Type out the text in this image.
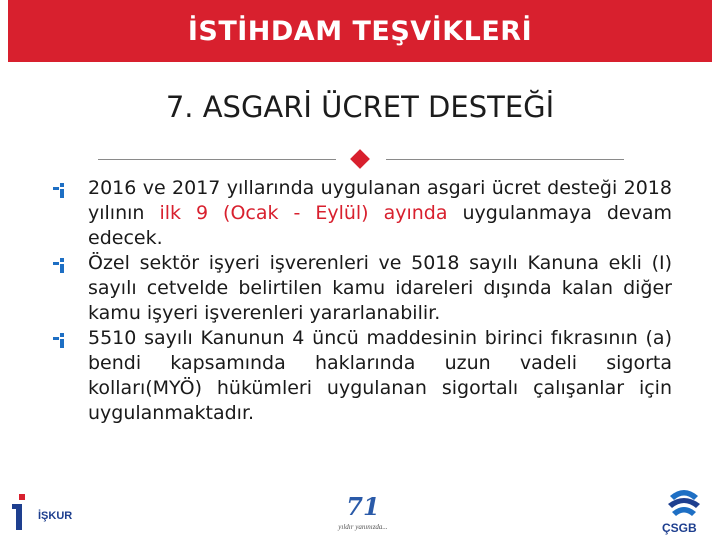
İSTİHDAM TEŞVİKLERİ
7. ASGARİ ÜCRET DESTEĞİ
2016 ve 2017 yıllarında uygulanan asgari ücret desteği 2018 yılının ilk 9 (Ocak - Eylül) ayında uygulanmaya devam edecek.
Özel sektör işyeri işverenleri ve 5018 sayılı Kanuna ekli (I) sayılı cetvelde belirtilen kamu idareleri dışında kalan diğer kamu işyeri işverenleri yararlanabilir.
5510 sayılı Kanunun 4 üncü maddesinin birinci fıkrasının (a) bendi kapsamında haklarında uzun vadeli sigorta kolları(MYÖ) hükümleri uygulanan sigortalı çalışanlar için uygulanmaktadır.
İŞKUR	71
yıldır yanınızda...	ÇSGB
